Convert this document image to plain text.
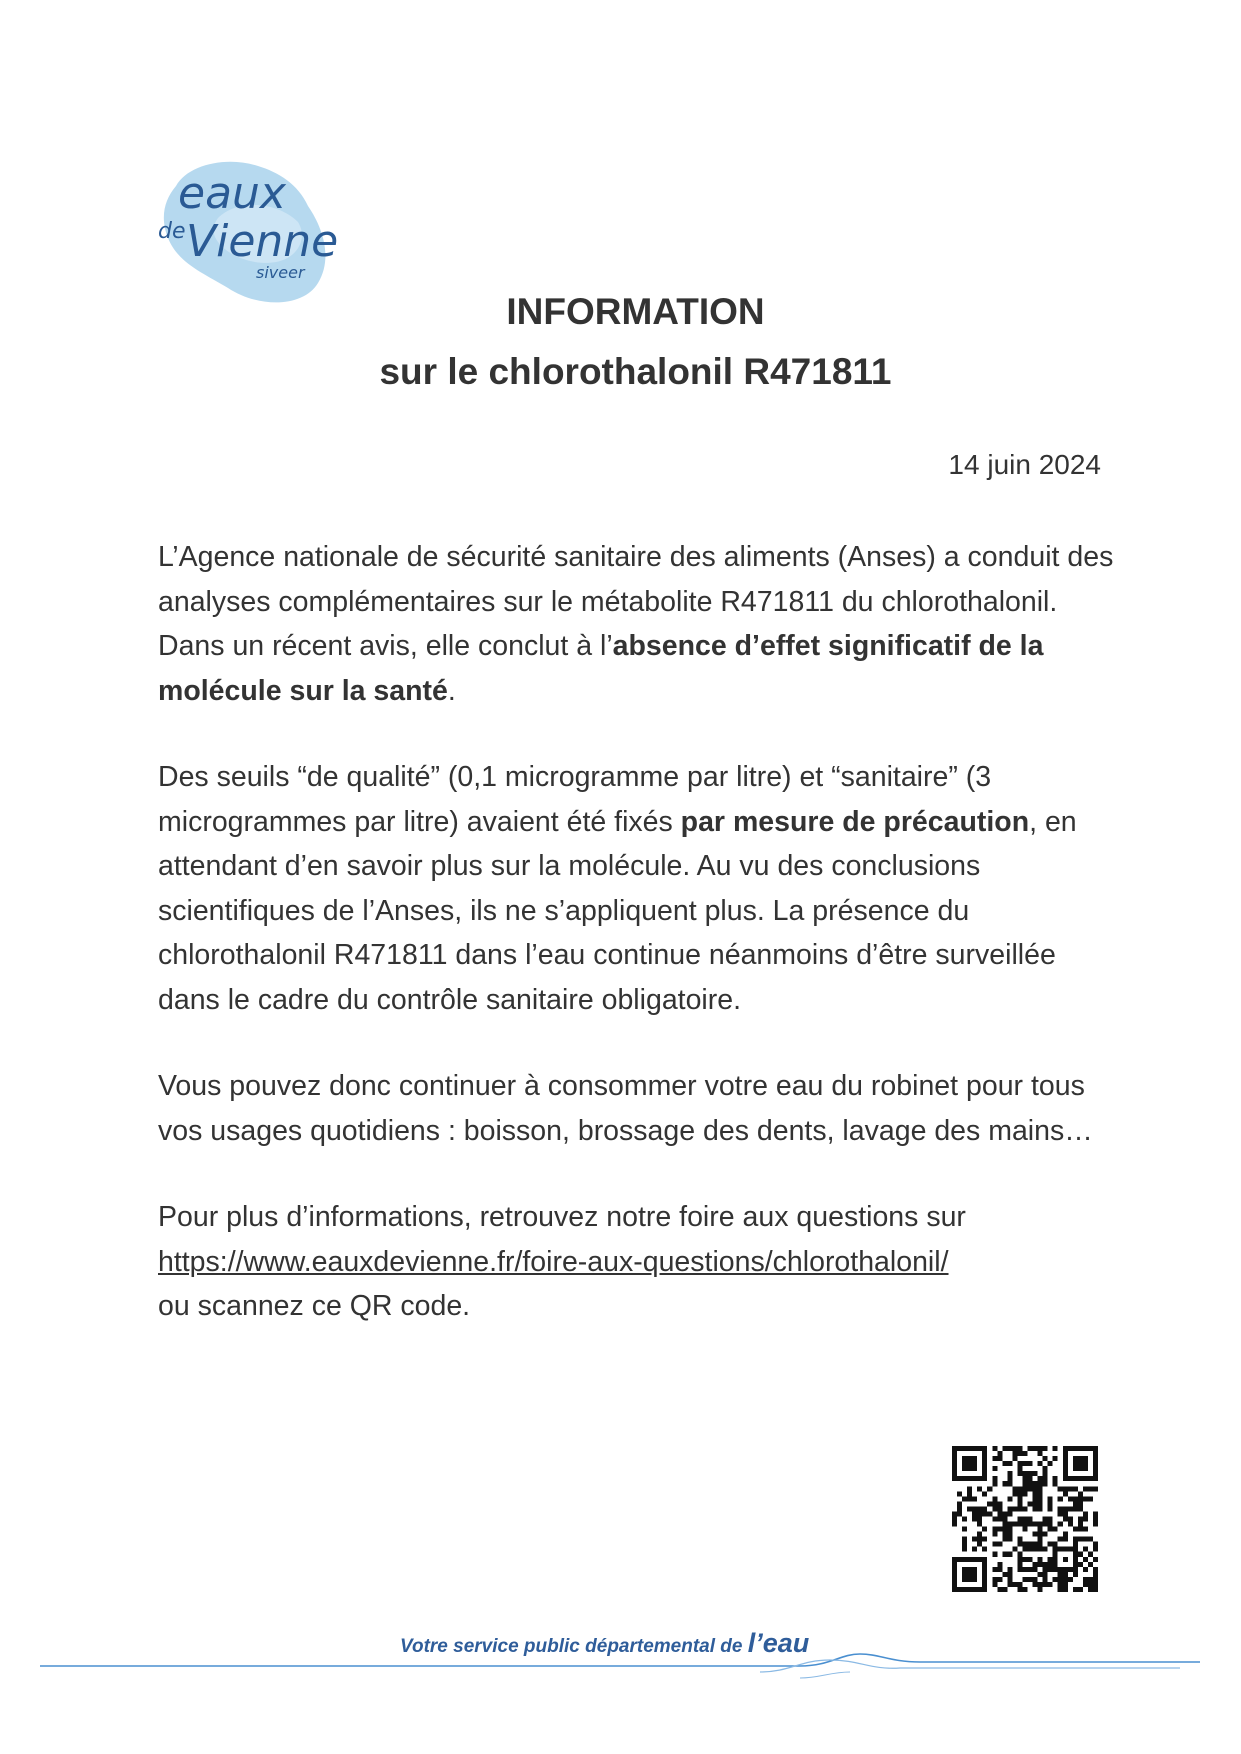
eaux
de Vienne
siveer
INFORMATION
sur le chlorothalonil R471811
14 juin 2024

L’Agence nationale de sécurité sanitaire des aliments (Anses) a conduit des analyses complémentaires sur le métabolite R471811 du chlorothalonil. Dans un récent avis, elle conclut à l’absence d’effet significatif de la molécule sur la santé.

Des seuils “de qualité” (0,1 microgramme par litre) et “sanitaire” (3 microgrammes par litre) avaient été fixés par mesure de précaution, en attendant d’en savoir plus sur la molécule. Au vu des conclusions scientifiques de l’Anses, ils ne s’appliquent plus. La présence du chlorothalonil R471811 dans l’eau continue néanmoins d’être surveillée dans le cadre du contrôle sanitaire obligatoire.

Vous pouvez donc continuer à consommer votre eau du robinet pour tous vos usages quotidiens : boisson, brossage des dents, lavage des mains…

Pour plus d’informations, retrouvez notre foire aux questions sur
https://www.eauxdevienne.fr/foire-aux-questions/chlorothalonil/
ou scannez ce QR code.

Votre service public départemental de l’eau
